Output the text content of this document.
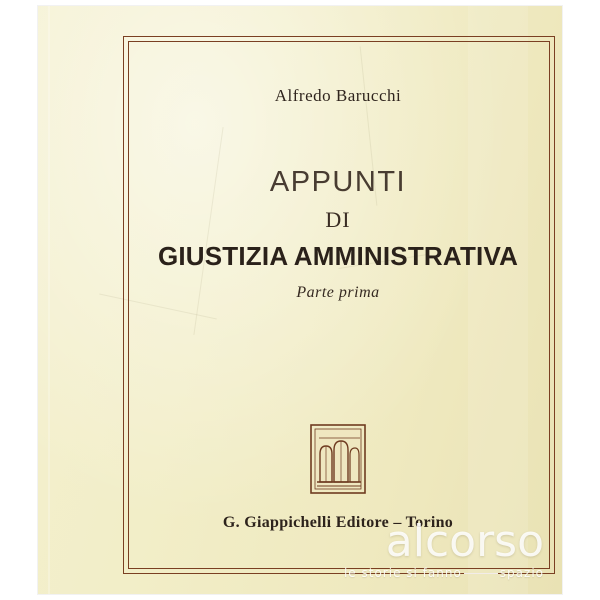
Alfredo Barucchi
APPUNTI
DI
GIUSTIZIA AMMINISTRATIVA
Parte prima
G. Giappichelli Editore – Torino
alcorso
le storie si fanno	spazio
